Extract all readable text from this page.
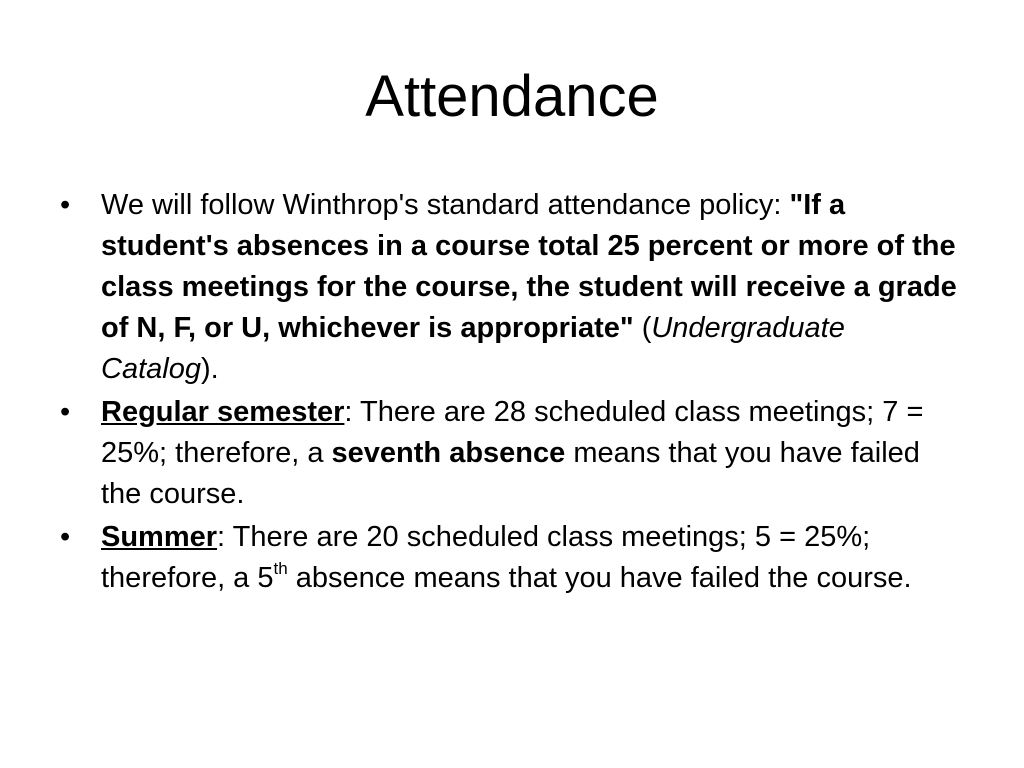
Attendance
•	We will follow Winthrop's standard attendance policy: "If a student's absences in a course total 25 percent or more of the class meetings for the course, the student will receive a grade of N, F, or U, whichever is appropriate" (Undergraduate Catalog).
•	Regular semester: There are 28 scheduled class meetings; 7 = 25%; therefore, a seventh absence means that you have failed the course.
•	Summer: There are 20 scheduled class meetings; 5 = 25%; therefore, a 5th absence means that you have failed the course.
